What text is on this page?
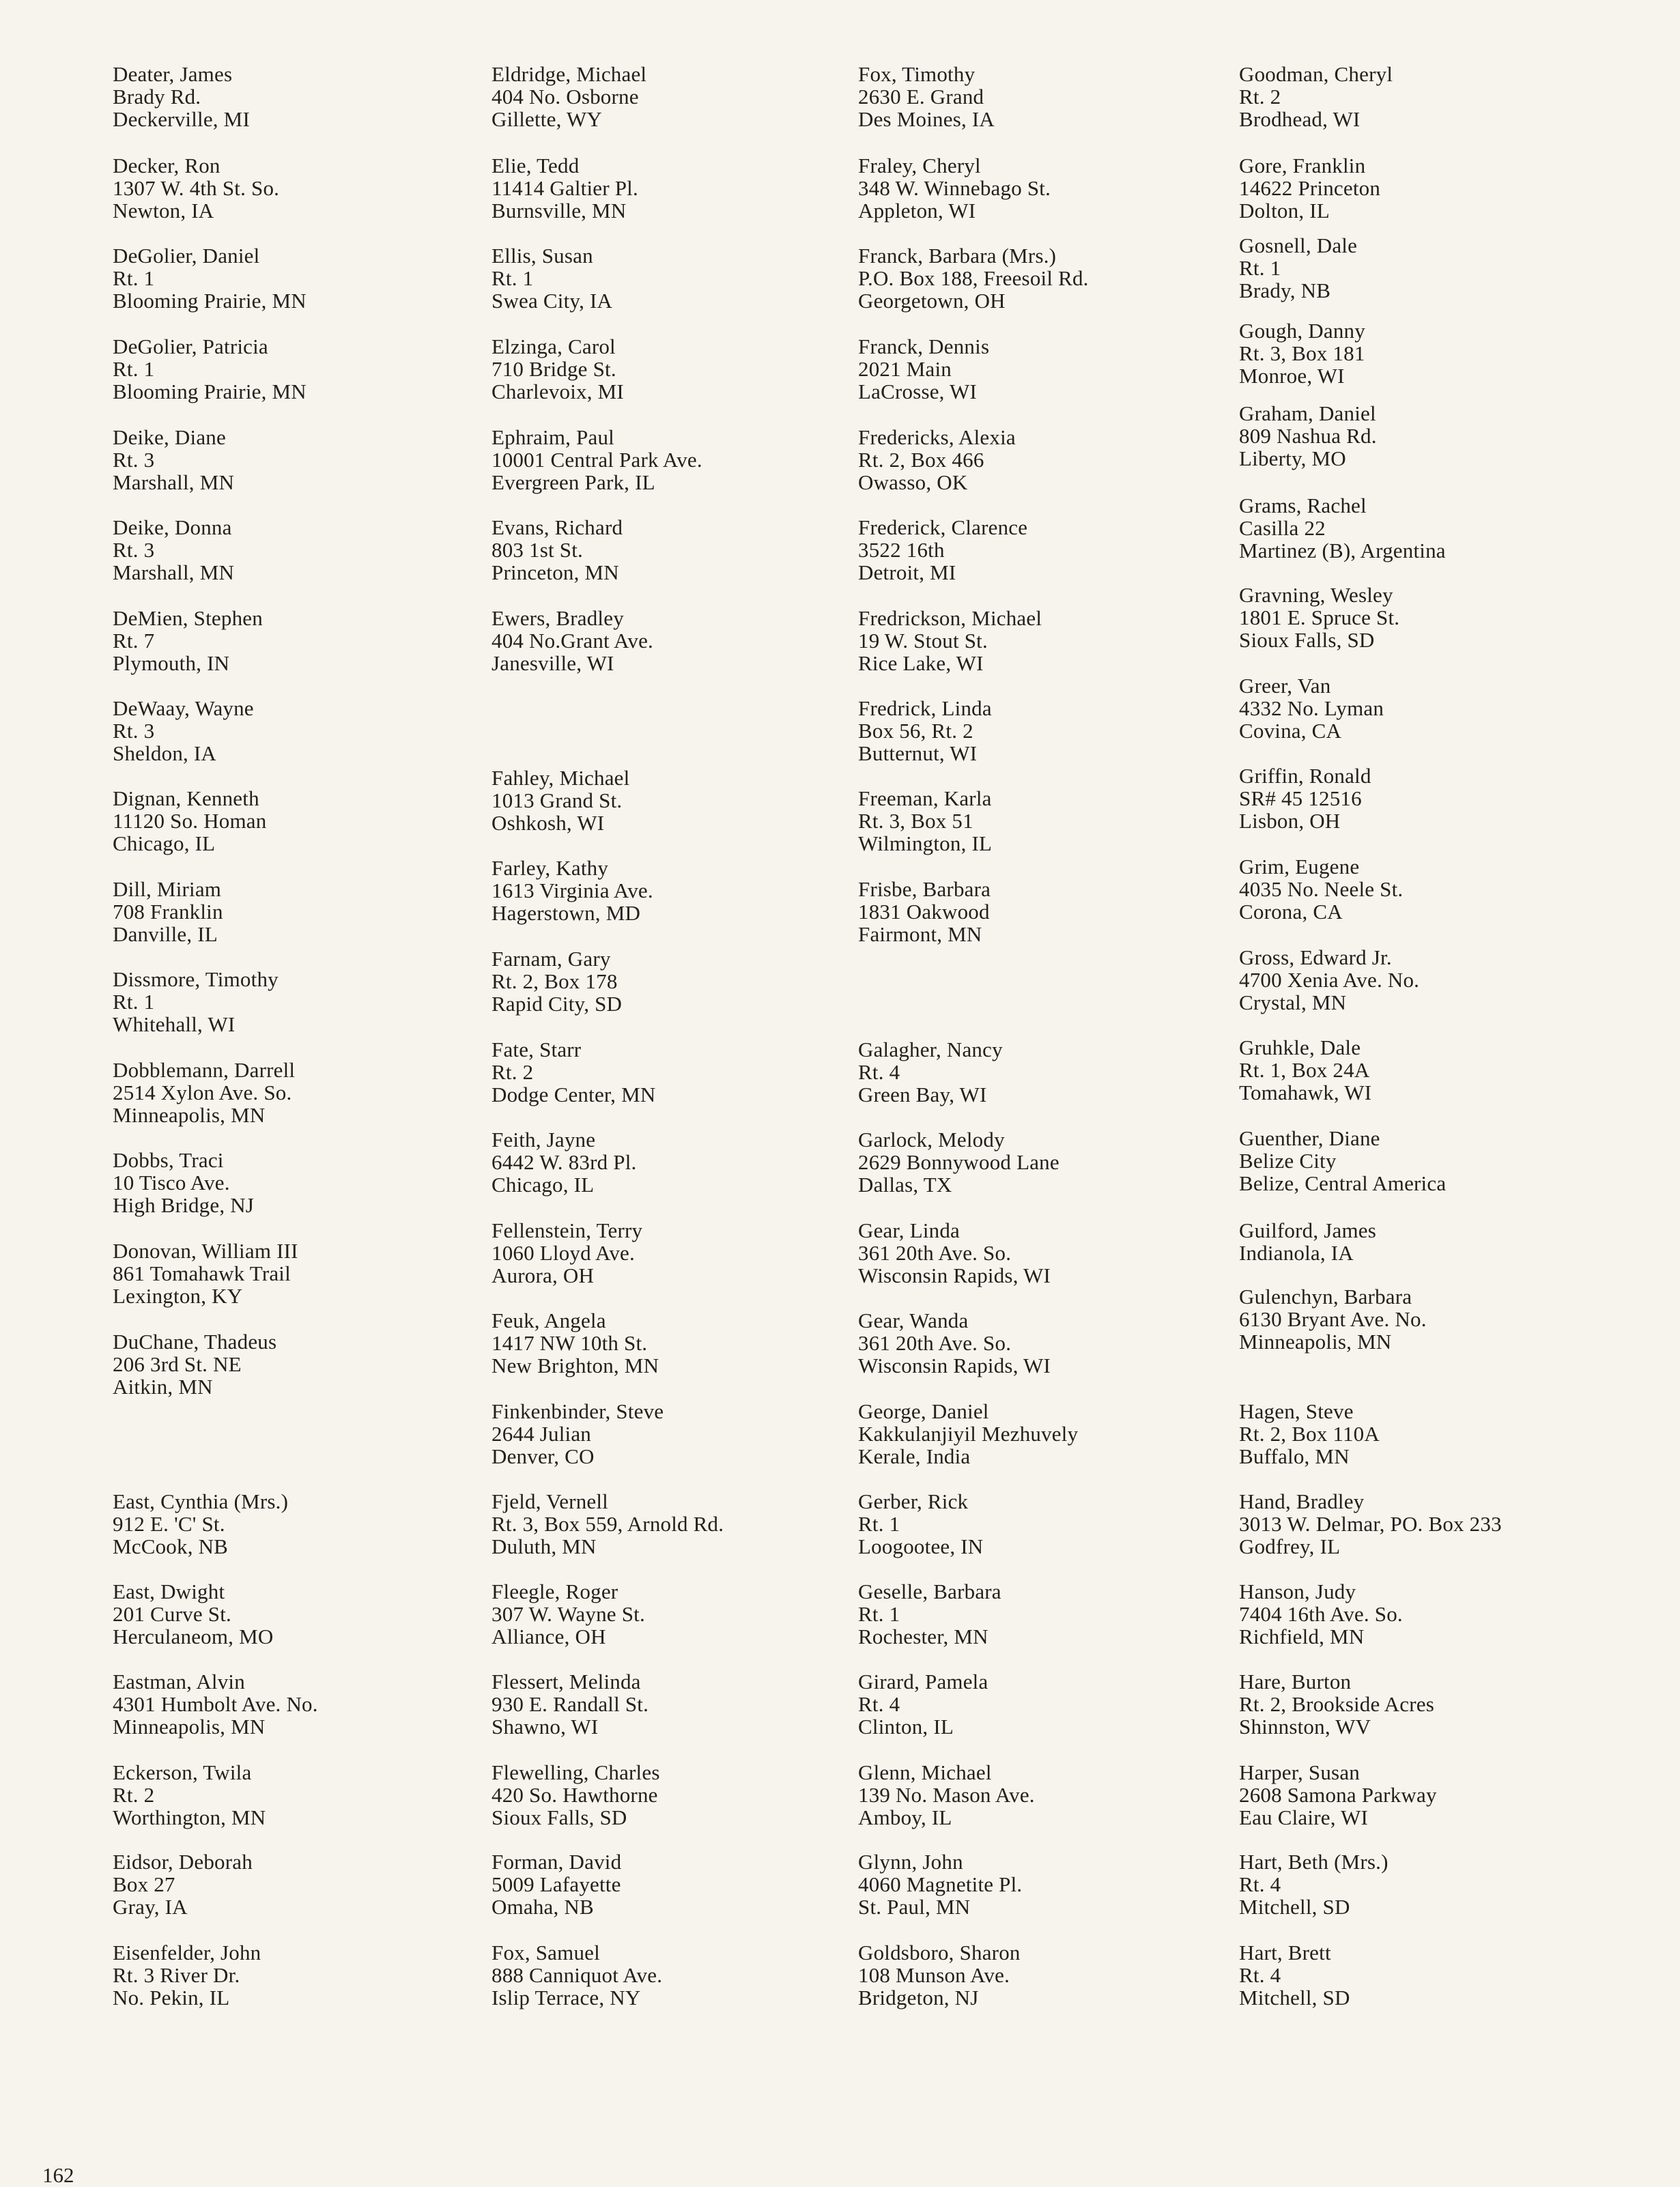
Deater, James
Brady Rd.
Deckerville, MI
Decker, Ron
1307 W. 4th St. So.
Newton, IA
DeGolier, Daniel
Rt. 1
Blooming Prairie, MN
DeGolier, Patricia
Rt. 1
Blooming Prairie, MN
Deike, Diane
Rt. 3
Marshall, MN
Deike, Donna
Rt. 3
Marshall, MN
DeMien, Stephen
Rt. 7
Plymouth, IN
DeWaay, Wayne
Rt. 3
Sheldon, IA
Dignan, Kenneth
11120 So. Homan
Chicago, IL
Dill, Miriam
708 Franklin
Danville, IL
Dissmore, Timothy
Rt. 1
Whitehall, WI
Dobblemann, Darrell
2514 Xylon Ave. So.
Minneapolis, MN
Dobbs, Traci
10 Tisco Ave.
High Bridge, NJ
Donovan, William III
861 Tomahawk Trail
Lexington, KY
DuChane, Thadeus
206 3rd St. NE
Aitkin, MN
East, Cynthia (Mrs.)
912 E. 'C' St.
McCook, NB
East, Dwight
201 Curve St.
Herculaneom, MO
Eastman, Alvin
4301 Humbolt Ave. No.
Minneapolis, MN
Eckerson, Twila
Rt. 2
Worthington, MN
Eidsor, Deborah
Box 27
Gray, IA
Eisenfelder, John
Rt. 3 River Dr.
No. Pekin, IL
Eldridge, Michael
404 No. Osborne
Gillette, WY
Elie, Tedd
11414 Galtier Pl.
Burnsville, MN
Ellis, Susan
Rt. 1
Swea City, IA
Elzinga, Carol
710 Bridge St.
Charlevoix, MI
Ephraim, Paul
10001 Central Park Ave.
Evergreen Park, IL
Evans, Richard
803 1st St.
Princeton, MN
Ewers, Bradley
404 No.Grant Ave.
Janesville, WI
Fahley, Michael
1013 Grand St.
Oshkosh, WI
Farley, Kathy
1613 Virginia Ave.
Hagerstown, MD
Farnam, Gary
Rt. 2, Box 178
Rapid City, SD
Fate, Starr
Rt. 2
Dodge Center, MN
Feith, Jayne
6442 W. 83rd Pl.
Chicago, IL
Fellenstein, Terry
1060 Lloyd Ave.
Aurora, OH
Feuk, Angela
1417 NW 10th St.
New Brighton, MN
Finkenbinder, Steve
2644 Julian
Denver, CO
Fjeld, Vernell
Rt. 3, Box 559, Arnold Rd.
Duluth, MN
Fleegle, Roger
307 W. Wayne St.
Alliance, OH
Flessert, Melinda
930 E. Randall St.
Shawno, WI
Flewelling, Charles
420 So. Hawthorne
Sioux Falls, SD
Forman, David
5009 Lafayette
Omaha, NB
Fox, Samuel
888 Canniquot Ave.
Islip Terrace, NY
Fox, Timothy
2630 E. Grand
Des Moines, IA
Fraley, Cheryl
348 W. Winnebago St.
Appleton, WI
Franck, Barbara (Mrs.)
P.O. Box 188, Freesoil Rd.
Georgetown, OH
Franck, Dennis
2021 Main
LaCrosse, WI
Fredericks, Alexia
Rt. 2, Box 466
Owasso, OK
Frederick, Clarence
3522 16th
Detroit, MI
Fredrickson, Michael
19 W. Stout St.
Rice Lake, WI
Fredrick, Linda
Box 56, Rt. 2
Butternut, WI
Freeman, Karla
Rt. 3, Box 51
Wilmington, IL
Frisbe, Barbara
1831 Oakwood
Fairmont, MN
Galagher, Nancy
Rt. 4
Green Bay, WI
Garlock, Melody
2629 Bonnywood Lane
Dallas, TX
Gear, Linda
361 20th Ave. So.
Wisconsin Rapids, WI
Gear, Wanda
361 20th Ave. So.
Wisconsin Rapids, WI
George, Daniel
Kakkulanjiyil Mezhuvely
Kerale, India
Gerber, Rick
Rt. 1
Loogootee, IN
Geselle, Barbara
Rt. 1
Rochester, MN
Girard, Pamela
Rt. 4
Clinton, IL
Glenn, Michael
139 No. Mason Ave.
Amboy, IL
Glynn, John
4060 Magnetite Pl.
St. Paul, MN
Goldsboro, Sharon
108 Munson Ave.
Bridgeton, NJ
Goodman, Cheryl
Rt. 2
Brodhead, WI
Gore, Franklin
14622 Princeton
Dolton, IL
Gosnell, Dale
Rt. 1
Brady, NB
Gough, Danny
Rt. 3, Box 181
Monroe, WI
Graham, Daniel
809 Nashua Rd.
Liberty, MO
Grams, Rachel
Casilla 22
Martinez (B), Argentina
Gravning, Wesley
1801 E. Spruce St.
Sioux Falls, SD
Greer, Van
4332 No. Lyman
Covina, CA
Griffin, Ronald
SR# 45 12516
Lisbon, OH
Grim, Eugene
4035 No. Neele St.
Corona, CA
Gross, Edward Jr.
4700 Xenia Ave. No.
Crystal, MN
Gruhkle, Dale
Rt. 1, Box 24A
Tomahawk, WI
Guenther, Diane
Belize City
Belize, Central America
Guilford, James
Indianola, IA
Gulenchyn, Barbara
6130 Bryant Ave. No.
Minneapolis, MN
Hagen, Steve
Rt. 2, Box 110A
Buffalo, MN
Hand, Bradley
3013 W. Delmar, PO. Box 233
Godfrey, IL
Hanson, Judy
7404 16th Ave. So.
Richfield, MN
Hare, Burton
Rt. 2, Brookside Acres
Shinnston, WV
Harper, Susan
2608 Samona Parkway
Eau Claire, WI
Hart, Beth (Mrs.)
Rt. 4
Mitchell, SD
Hart, Brett
Rt. 4
Mitchell, SD
162
